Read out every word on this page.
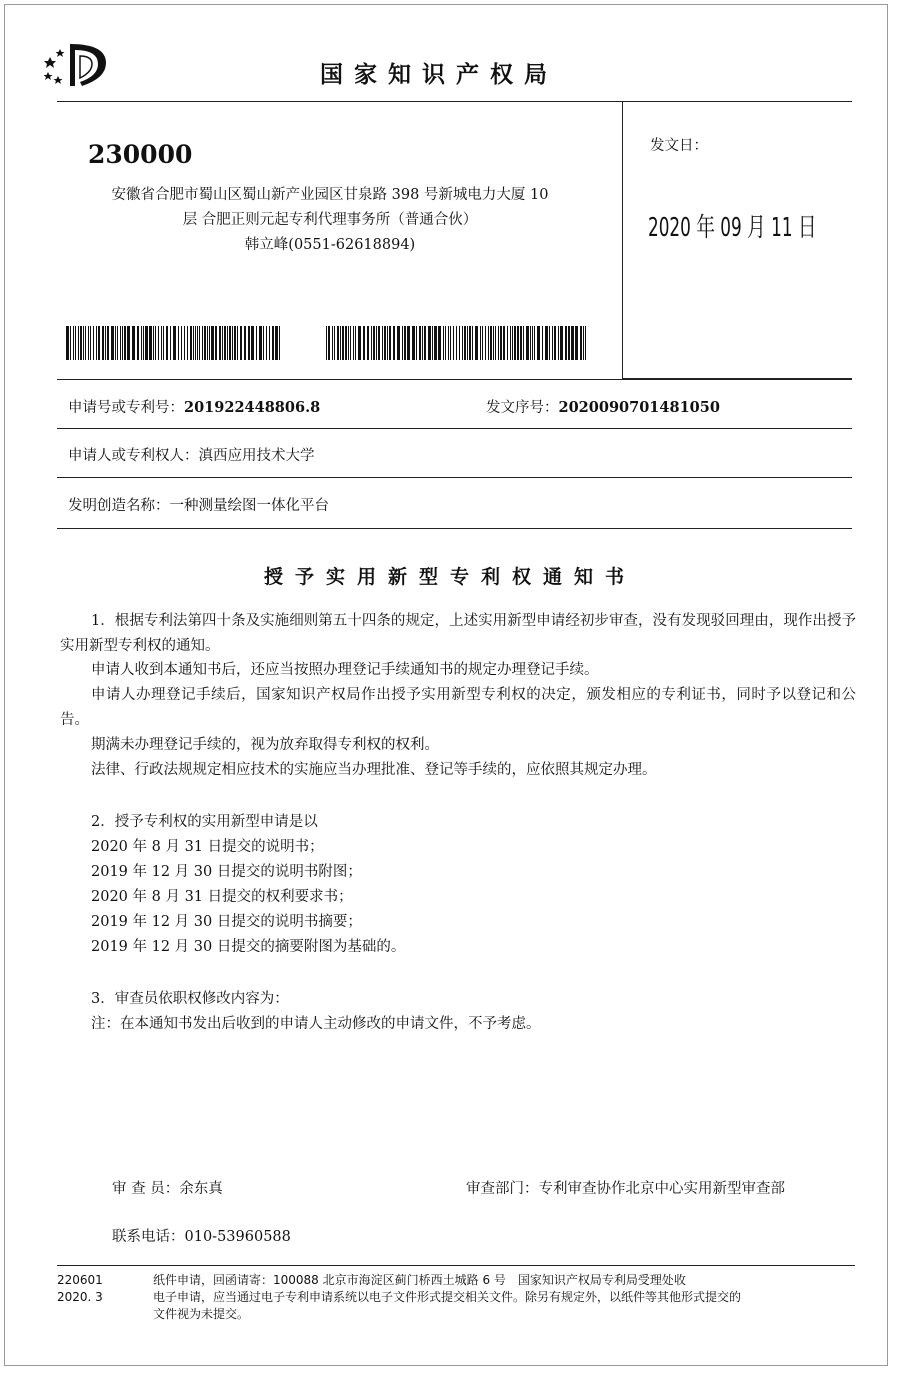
国家知识产权局
230000
安徽省合肥市蜀山区蜀山新产业园区甘泉路 398 号新城电力大厦 10
层 合肥正则元起专利代理事务所（普通合伙）
韩立峰(0551-62618894)
发文日：
2020 年 09 月 11 日
申请号或专利号：201922448806.8	发文序号：2020090701481050
申请人或专利权人：滇西应用技术大学
发明创造名称：一种测量绘图一体化平台
授予实用新型专利权通知书
1．根据专利法第四十条及实施细则第五十四条的规定，上述实用新型申请经初步审查，没有发现驳回理由，现作出授予实用新型专利权的通知。
申请人收到本通知书后，还应当按照办理登记手续通知书的规定办理登记手续。
申请人办理登记手续后，国家知识产权局作出授予实用新型专利权的决定，颁发相应的专利证书，同时予以登记和公告。
期满未办理登记手续的，视为放弃取得专利权的权利。
法律、行政法规规定相应技术的实施应当办理批准、登记等手续的，应依照其规定办理。
2．授予专利权的实用新型申请是以
2020 年 8 月 31 日提交的说明书；
2019 年 12 月 30 日提交的说明书附图；
2020 年 8 月 31 日提交的权利要求书；
2019 年 12 月 30 日提交的说明书摘要；
2019 年 12 月 30 日提交的摘要附图为基础的。
3．审查员依职权修改内容为：
注：在本通知书发出后收到的申请人主动修改的申请文件，不予考虑。
审 查 员：余东真	审查部门：专利审查协作北京中心实用新型审查部
联系电话：010-53960588
220601
2020. 3
纸件申请，回函请寄：100088 北京市海淀区蓟门桥西土城路 6 号　国家知识产权局专利局受理处收
电子申请，应当通过电子专利申请系统以电子文件形式提交相关文件。除另有规定外，以纸件等其他形式提交的
文件视为未提交。
